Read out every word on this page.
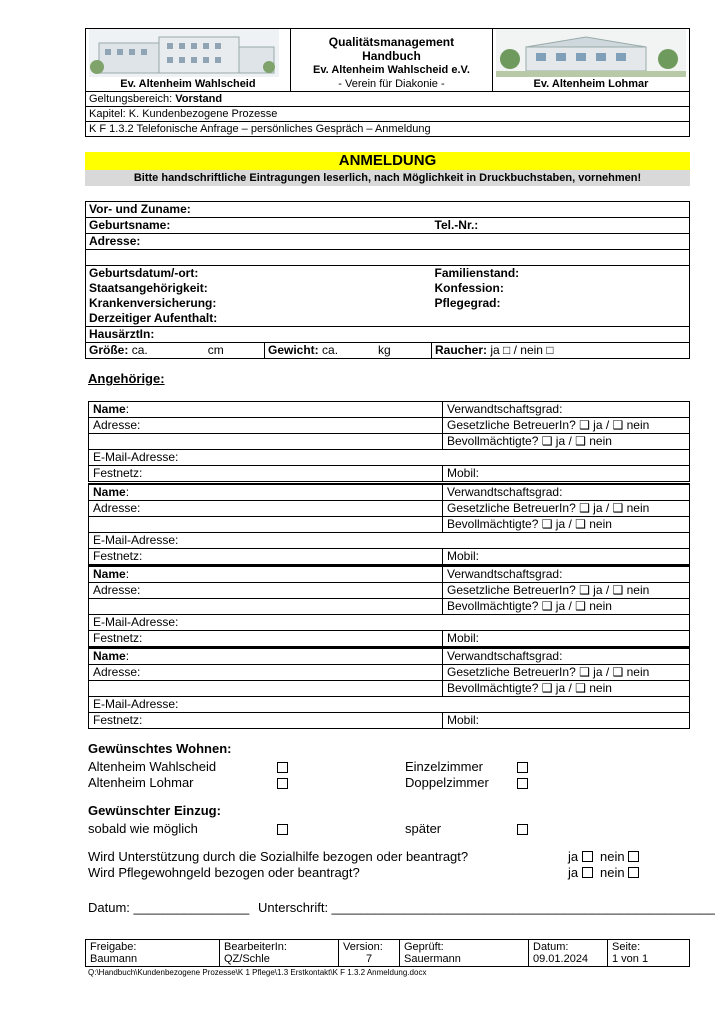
Ev. Altenheim Wahlscheid

Qualitätsmanagement
Handbuch
Ev. Altenheim Wahlscheid e.V.
- Verein für Diakonie -	Ev. Altenheim Lohmar

Geltungsbereich: Vorstand
Kapitel: K. Kundenbezogene Prozesse
K F 1.3.2 Telefonische Anfrage – persönliches Gespräch – Anmeldung
ANMELDUNG
Bitte handschriftliche Eintragungen leserlich, nach Möglichkeit in Druckbuchstaben, vornehmen!
Vor- und Zuname:		
Geburtsname:		Tel.-Nr.:
Adresse:		

Geburtsdatum/-ort:		Familienstand:
Staatsangehörigkeit:		Konfession:
Krankenversicherung:		Pflegegrad:
Derzeitiger Aufenthalt:		
HausärztIn:		
Größe: ca. cm	Gewicht: ca. kg	Raucher: ja □ / nein □
Angehörige:
Name:	Verwandtschaftsgrad:
Adresse:	Gesetzliche BetreuerIn? ❑ ja / ❑ nein
	Bevollmächtigte? ❑ ja / ❑ nein
E-Mail-Adresse:	
Festnetz:	Mobil:
Name:	Verwandtschaftsgrad:
Adresse:	Gesetzliche BetreuerIn? ❑ ja / ❑ nein
	Bevollmächtigte? ❑ ja / ❑ nein
E-Mail-Adresse:	
Festnetz:	Mobil:
Name:	Verwandtschaftsgrad:
Adresse:	Gesetzliche BetreuerIn? ❑ ja / ❑ nein
	Bevollmächtigte? ❑ ja / ❑ nein
E-Mail-Adresse:	
Festnetz:	Mobil:
Name:	Verwandtschaftsgrad:
Adresse:	Gesetzliche BetreuerIn? ❑ ja / ❑ nein
	Bevollmächtigte? ❑ ja / ❑ nein
E-Mail-Adresse:	
Festnetz:	Mobil:
Gewünschtes Wohnen:
Altenheim Wahlscheid	Einzelzimmer
Altenheim Lohmar	Doppelzimmer
Gewünschter Einzug:
sobald wie möglich	später
Wird Unterstützung durch die Sozialhilfe bezogen oder beantragt?	ja nein
Wird Pflegewohngeld bezogen oder beantragt?	ja nein
Datum: ________________ Unterschrift: _____________________________________________________
Freigabe:
Baumann

BearbeiterIn:
QZ/Schle

Version:
7

Geprüft:
Sauermann

Datum:
09.01.2024

Seite:
1 von 1
Q:\Handbuch\Kundenbezogene Prozesse\K 1 Pflege\1.3 Erstkontakt\K F 1.3.2 Anmeldung.docx
